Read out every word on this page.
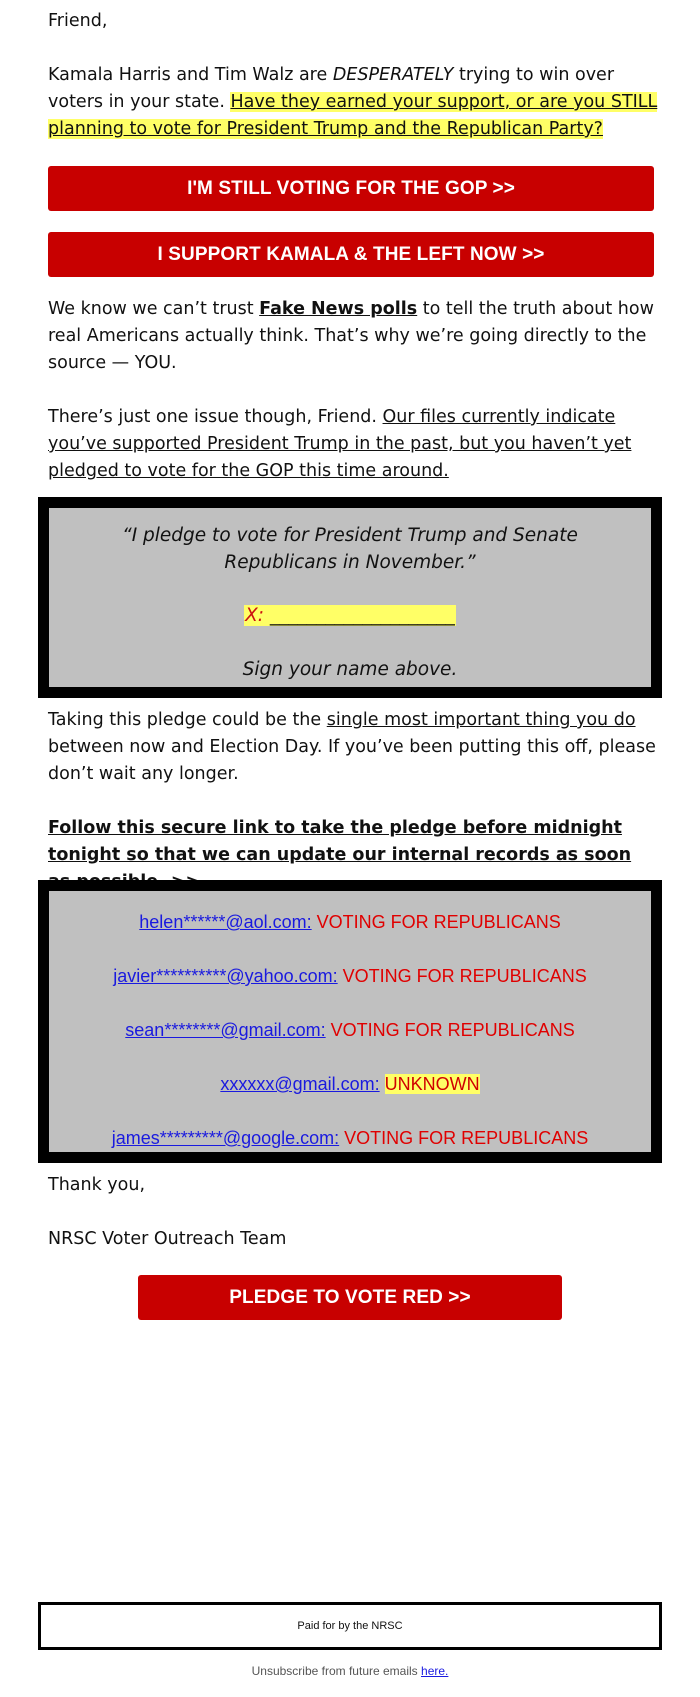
Friend,

Kamala Harris and Tim Walz are DESPERATELY trying to win over voters in your state. Have they earned your support, or are you STILL planning to vote for President Trump and the Republican Party?

I'M STILL VOTING FOR THE GOP >>
I SUPPORT KAMALA & THE LEFT NOW >>

We know we can’t trust Fake News polls to tell the truth about how real Americans actually think. That’s why we’re going directly to the source — YOU.

There’s just one issue though, Friend. Our files currently indicate you’ve supported President Trump in the past, but you haven’t yet pledged to vote for the GOP this time around.

“I pledge to vote for President Trump and Senate Republicans in November.”

X: ____________________
Sign your name above.

Taking this pledge could be the single most important thing you do between now and Election Day. If you’ve been putting this off, please don’t wait any longer.

Follow this secure link to take the pledge before midnight tonight so that we can update our internal records as soon

helen******@aol.com: VOTING FOR REPUBLICANS
javier**********@yahoo.com: VOTING FOR REPUBLICANS
sean********@gmail.com: VOTING FOR REPUBLICANS
xxxxxx@gmail.com: UNKNOWN
james*********@google.com: VOTING FOR REPUBLICANS

Thank you,

NRSC Voter Outreach Team

PLEDGE TO VOTE RED >>
Paid for by the NRSC
Unsubscribe from future emails here.
